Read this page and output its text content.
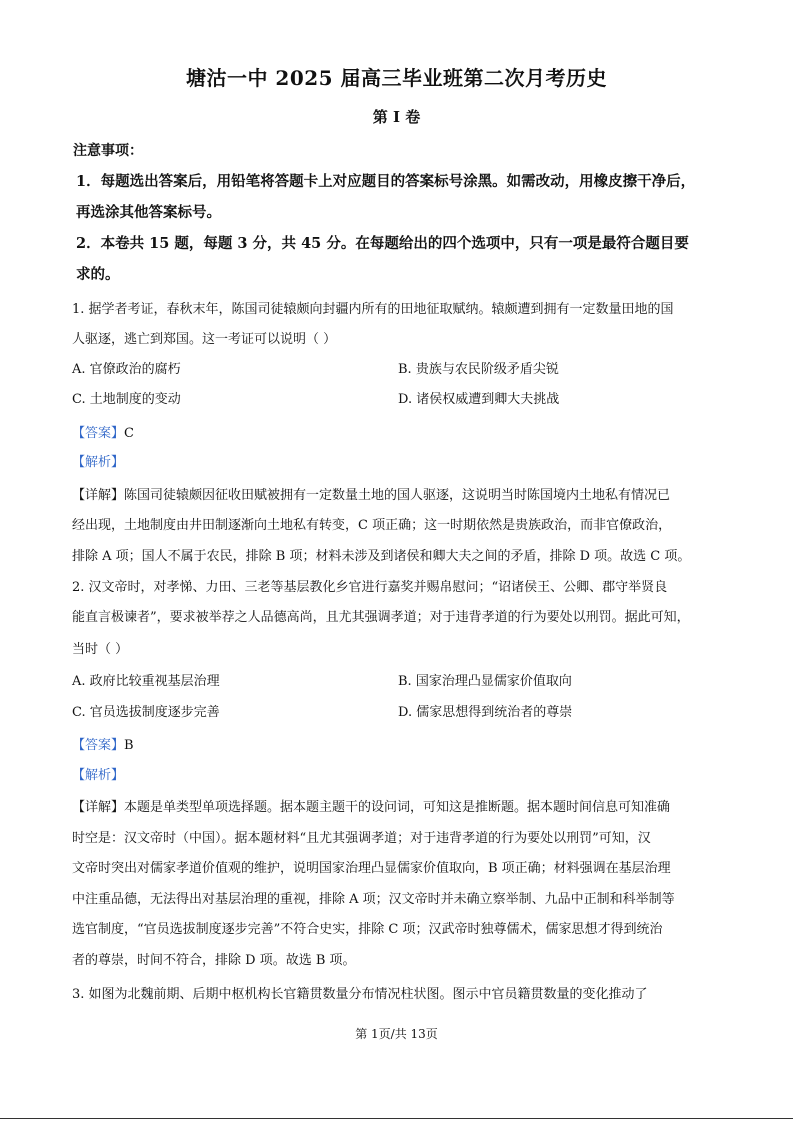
塘沽一中 2025 届高三毕业班第二次月考历史
第 I 卷
注意事项：
1．每题选出答案后，用铅笔将答题卡上对应题目的答案标号涂黑。如需改动，用橡皮擦干净后，
再选涂其他答案标号。
2．本卷共 15 题，每题 3 分，共 45 分。在每题给出的四个选项中，只有一项是最符合题目要
求的。
1. 据学者考证，春秋末年，陈国司徒辕颇向封疆内所有的田地征取赋纳。辕颇遭到拥有一定数量田地的国
人驱逐，逃亡到郑国。这一考证可以说明（ ）
A. 官僚政治的腐朽	B. 贵族与农民阶级矛盾尖锐
C. 土地制度的变动	D. 诸侯权威遭到卿大夫挑战
【答案】C
【解析】
【详解】陈国司徒辕颇因征收田赋被拥有一定数量土地的国人驱逐，这说明当时陈国境内土地私有情况已
经出现，土地制度由井田制逐渐向土地私有转变，C 项正确；这一时期依然是贵族政治，而非官僚政治，
排除 A 项；国人不属于农民，排除 B 项；材料未涉及到诸侯和卿大夫之间的矛盾，排除 D 项。故选 C 项。
2. 汉文帝时，对孝悌、力田、三老等基层教化乡官进行嘉奖并赐帛慰问；“诏诸侯王、公卿、郡守举贤良
能直言极谏者”，要求被举荐之人品德高尚，且尤其强调孝道；对于违背孝道的行为要处以刑罚。据此可知，
当时（ ）
A. 政府比较重视基层治理	B. 国家治理凸显儒家价值取向
C. 官员选拔制度逐步完善	D. 儒家思想得到统治者的尊崇
【答案】B
【解析】
【详解】本题是单类型单项选择题。据本题主题干的设问词，可知这是推断题。据本题时间信息可知准确
时空是：汉文帝时（中国）。据本题材料“且尤其强调孝道；对于违背孝道的行为要处以刑罚”可知，汉
文帝时突出对儒家孝道价值观的维护，说明国家治理凸显儒家价值取向，B 项正确；材料强调在基层治理
中注重品德，无法得出对基层治理的重视，排除 A 项；汉文帝时并未确立察举制、九品中正制和科举制等
选官制度，“官员选拔制度逐步完善”不符合史实，排除 C 项；汉武帝时独尊儒术，儒家思想才得到统治
者的尊崇，时间不符合，排除 D 项。故选 B 项。
3. 如图为北魏前期、后期中枢机构长官籍贯数量分布情况柱状图。图示中官员籍贯数量的变化推动了
第 1页/共 13页
